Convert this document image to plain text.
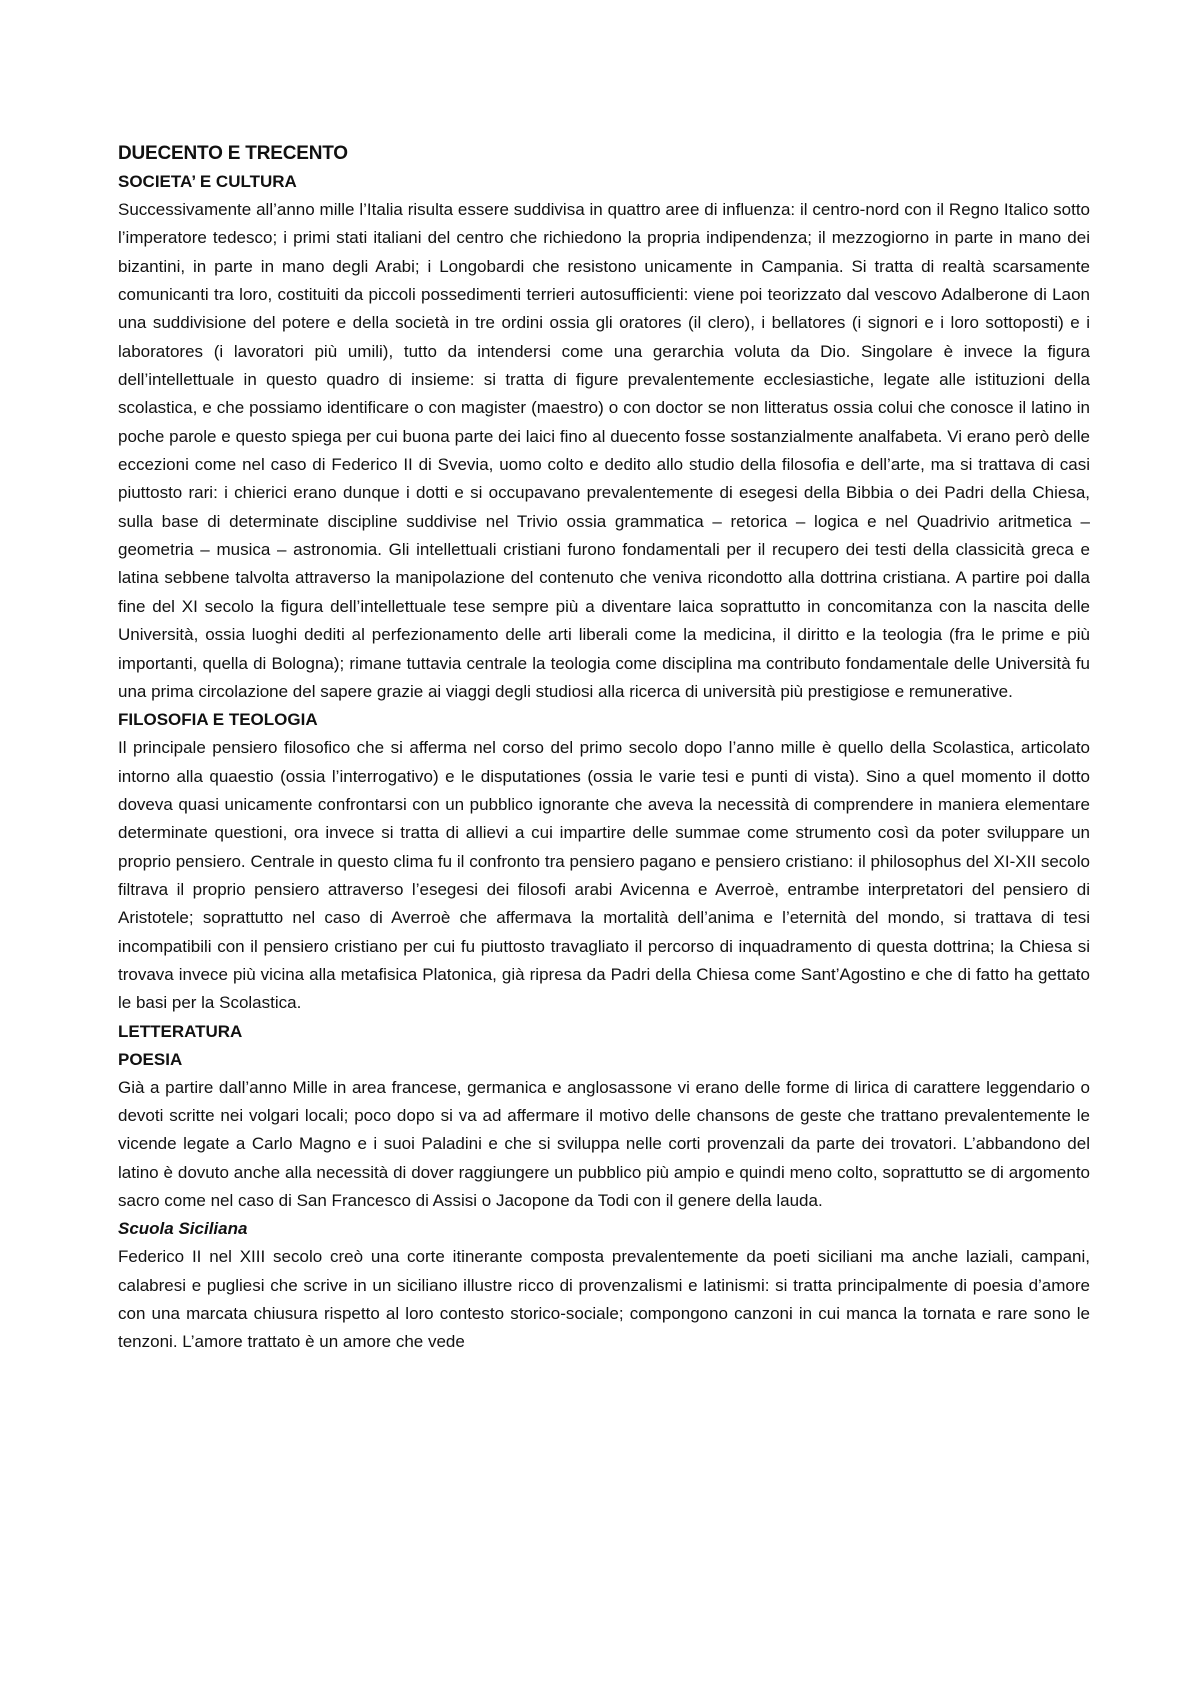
DUECENTO E TRECENTO
SOCIETA’ E CULTURA

Successivamente all’anno mille l’Italia risulta essere suddivisa in quattro aree di influenza: il centro-nord con il Regno Italico sotto l’imperatore tedesco; i primi stati italiani del centro che richiedono la propria indipendenza; il mezzogiorno in parte in mano dei bizantini, in parte in mano degli Arabi; i Longobardi che resistono unicamente in Campania. Si tratta di realtà scarsamente comunicanti tra loro, costituiti da piccoli possedimenti terrieri autosufficienti: viene poi teorizzato dal vescovo Adalberone di Laon una suddivisione del potere e della società in tre ordini ossia gli oratores (il clero), i bellatores (i signori e i loro sottoposti) e i laboratores (i lavoratori più umili), tutto da intendersi come una gerarchia voluta da Dio. Singolare è invece la figura dell’intellettuale in questo quadro di insieme: si tratta di figure prevalentemente ecclesiastiche, legate alle istituzioni della scolastica, e che possiamo identificare o con magister (maestro) o con doctor se non litteratus ossia colui che conosce il latino in poche parole e questo spiega per cui buona parte dei laici fino al duecento fosse sostanzialmente analfabeta. Vi erano però delle eccezioni come nel caso di Federico II di Svevia, uomo colto e dedito allo studio della filosofia e dell’arte, ma si trattava di casi piuttosto rari: i chierici erano dunque i dotti e si occupavano prevalentemente di esegesi della Bibbia o dei Padri della Chiesa, sulla base di determinate discipline suddivise nel Trivio ossia grammatica – retorica – logica e nel Quadrivio aritmetica – geometria – musica – astronomia. Gli intellettuali cristiani furono fondamentali per il recupero dei testi della classicità greca e latina sebbene talvolta attraverso la manipolazione del contenuto che veniva ricondotto alla dottrina cristiana. A partire poi dalla fine del XI secolo la figura dell’intellettuale tese sempre più a diventare laica soprattutto in concomitanza con la nascita delle Università, ossia luoghi dediti al perfezionamento delle arti liberali come la medicina, il diritto e la teologia (fra le prime e più importanti, quella di Bologna); rimane tuttavia centrale la teologia come disciplina ma contributo fondamentale delle Università fu una prima circolazione del sapere grazie ai viaggi degli studiosi alla ricerca di università più prestigiose e remunerative.

FILOSOFIA E TEOLOGIA

Il principale pensiero filosofico che si afferma nel corso del primo secolo dopo l’anno mille è quello della Scolastica, articolato intorno alla quaestio (ossia l’interrogativo) e le disputationes (ossia le varie tesi e punti di vista). Sino a quel momento il dotto doveva quasi unicamente confrontarsi con un pubblico ignorante che aveva la necessità di comprendere in maniera elementare determinate questioni, ora invece si tratta di allievi a cui impartire delle summae come strumento così da poter sviluppare un proprio pensiero. Centrale in questo clima fu il confronto tra pensiero pagano e pensiero cristiano: il philosophus del XI-XII secolo filtrava il proprio pensiero attraverso l’esegesi dei filosofi arabi Avicenna e Averroè, entrambe interpretatori del pensiero di Aristotele; soprattutto nel caso di Averroè che affermava la mortalità dell’anima e l’eternità del mondo, si trattava di tesi incompatibili con il pensiero cristiano per cui fu piuttosto travagliato il percorso di inquadramento di questa dottrina; la Chiesa si trovava invece più vicina alla metafisica Platonica, già ripresa da Padri della Chiesa come Sant’Agostino e che di fatto ha gettato le basi per la Scolastica.

LETTERATURA
POESIA

Già a partire dall’anno Mille in area francese, germanica e anglosassone vi erano delle forme di lirica di carattere leggendario o devoti scritte nei volgari locali; poco dopo si va ad affermare il motivo delle chansons de geste che trattano prevalentemente le vicende legate a Carlo Magno e i suoi Paladini e che si sviluppa nelle corti provenzali da parte dei trovatori. L’abbandono del latino è dovuto anche alla necessità di dover raggiungere un pubblico più ampio e quindi meno colto, soprattutto se di argomento sacro come nel caso di San Francesco di Assisi o Jacopone da Todi con il genere della lauda.

Scuola Siciliana

Federico II nel XIII secolo creò una corte itinerante composta prevalentemente da poeti siciliani ma anche laziali, campani, calabresi e pugliesi che scrive in un siciliano illustre ricco di provenzalismi e latinismi: si tratta principalmente di poesia d’amore con una marcata chiusura rispetto al loro contesto storico-sociale; compongono canzoni in cui manca la tornata e rare sono le tenzoni. L’amore trattato è un amore che vede
